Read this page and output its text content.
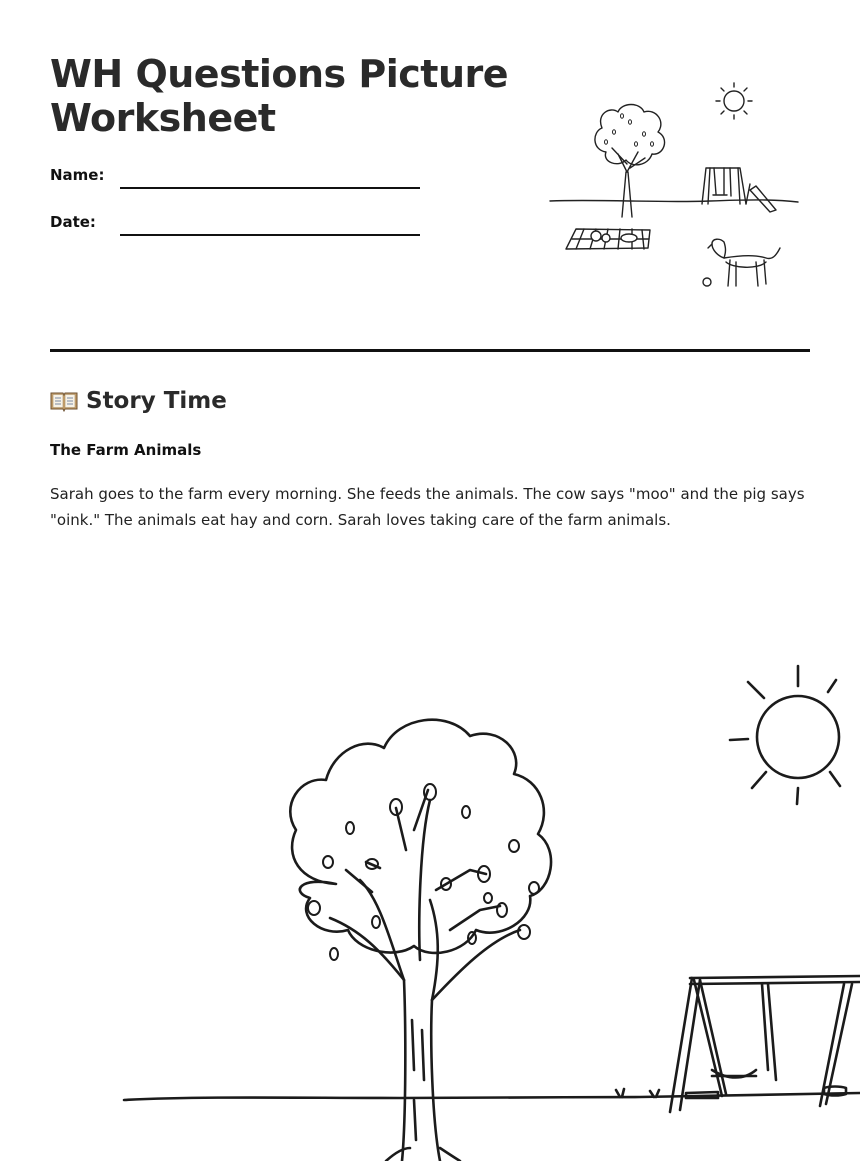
WH Questions Picture
Worksheet
Name:
Date:
Story Time
The Farm Animals
Sarah goes to the farm every morning. She feeds the animals. The cow says "moo" and the pig says "oink." The animals eat hay and corn. Sarah loves taking care of the farm animals.
